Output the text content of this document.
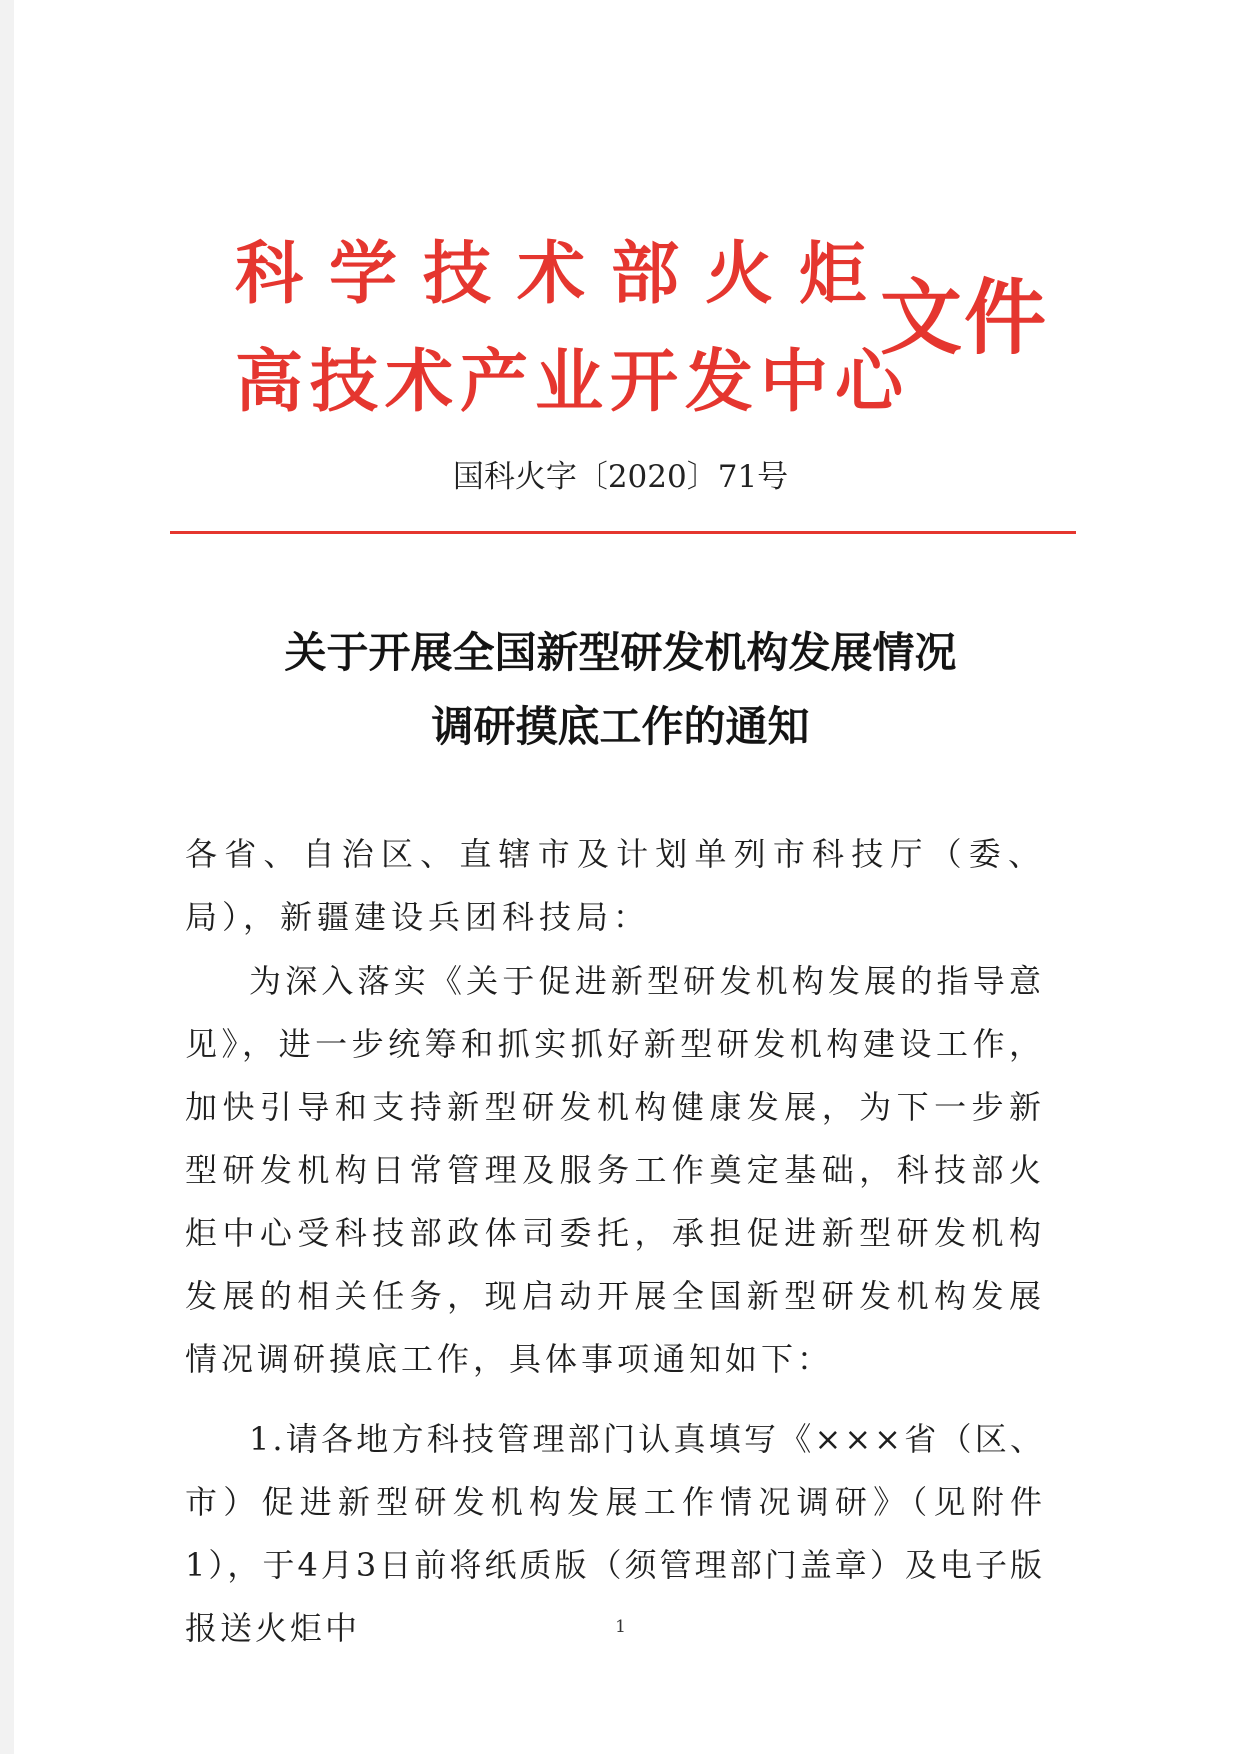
科学技术部火炬
高技术产业开发中心
文件
国科火字〔2020〕71号
关于开展全国新型研发机构发展情况
调研摸底工作的通知

各省、自治区、直辖市及计划单列市科技厅（委、局），新疆建设兵团科技局：

为深入落实《关于促进新型研发机构发展的指导意见》，进一步统筹和抓实抓好新型研发机构建设工作，加快引导和支持新型研发机构健康发展，为下一步新型研发机构日常管理及服务工作奠定基础，科技部火炬中心受科技部政体司委托，承担促进新型研发机构发展的相关任务，现启动开展全国新型研发机构发展情况调研摸底工作，具体事项通知如下：

1.请各地方科技管理部门认真填写《×××省（区、市）促进新型研发机构发展工作情况调研》（见附件1），于4月3日前将纸质版（须管理部门盖章）及电子版报送火炬中	1
